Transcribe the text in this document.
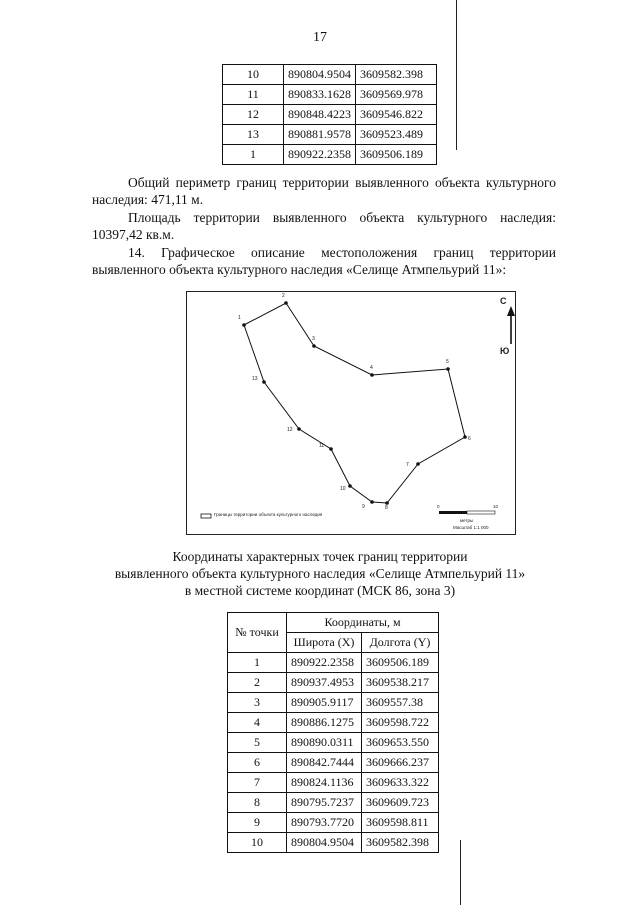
17
10	890804.9504	3609582.398
11	890833.1628	3609569.978
12	890848.4223	3609546.822
13	890881.9578	3609523.489
1	890922.2358	3609506.189
Общий периметр границ территории выявленного объекта культурного наследия: 471,11 м.
Площадь территории выявленного объекта культурного наследия: 10397,42 кв.м.
14. Графическое описание местоположения границ территории выявленного объекта культурного наследия «Селище Атмпельурий 11»:
1
2
3
4
5
6
7
8
9
10
11
12
13
С
Ю
Границы территории объекта культурного наследия
0	10
метры
Масштаб 1:1 000
Координаты характерных точек границ территории
выявленного объекта культурного наследия «Селище Атмпельурий 11»
в местной системе координат (МСК 86, зона 3)
№ точки	Координаты, м	
	Широта (X)	Долгота (Y)
1	890922.2358	3609506.189
2	890937.4953	3609538.217
3	890905.9117	3609557.38
4	890886.1275	3609598.722
5	890890.0311	3609653.550
6	890842.7444	3609666.237
7	890824.1136	3609633.322
8	890795.7237	3609609.723
9	890793.7720	3609598.811
10	890804.9504	3609582.398
